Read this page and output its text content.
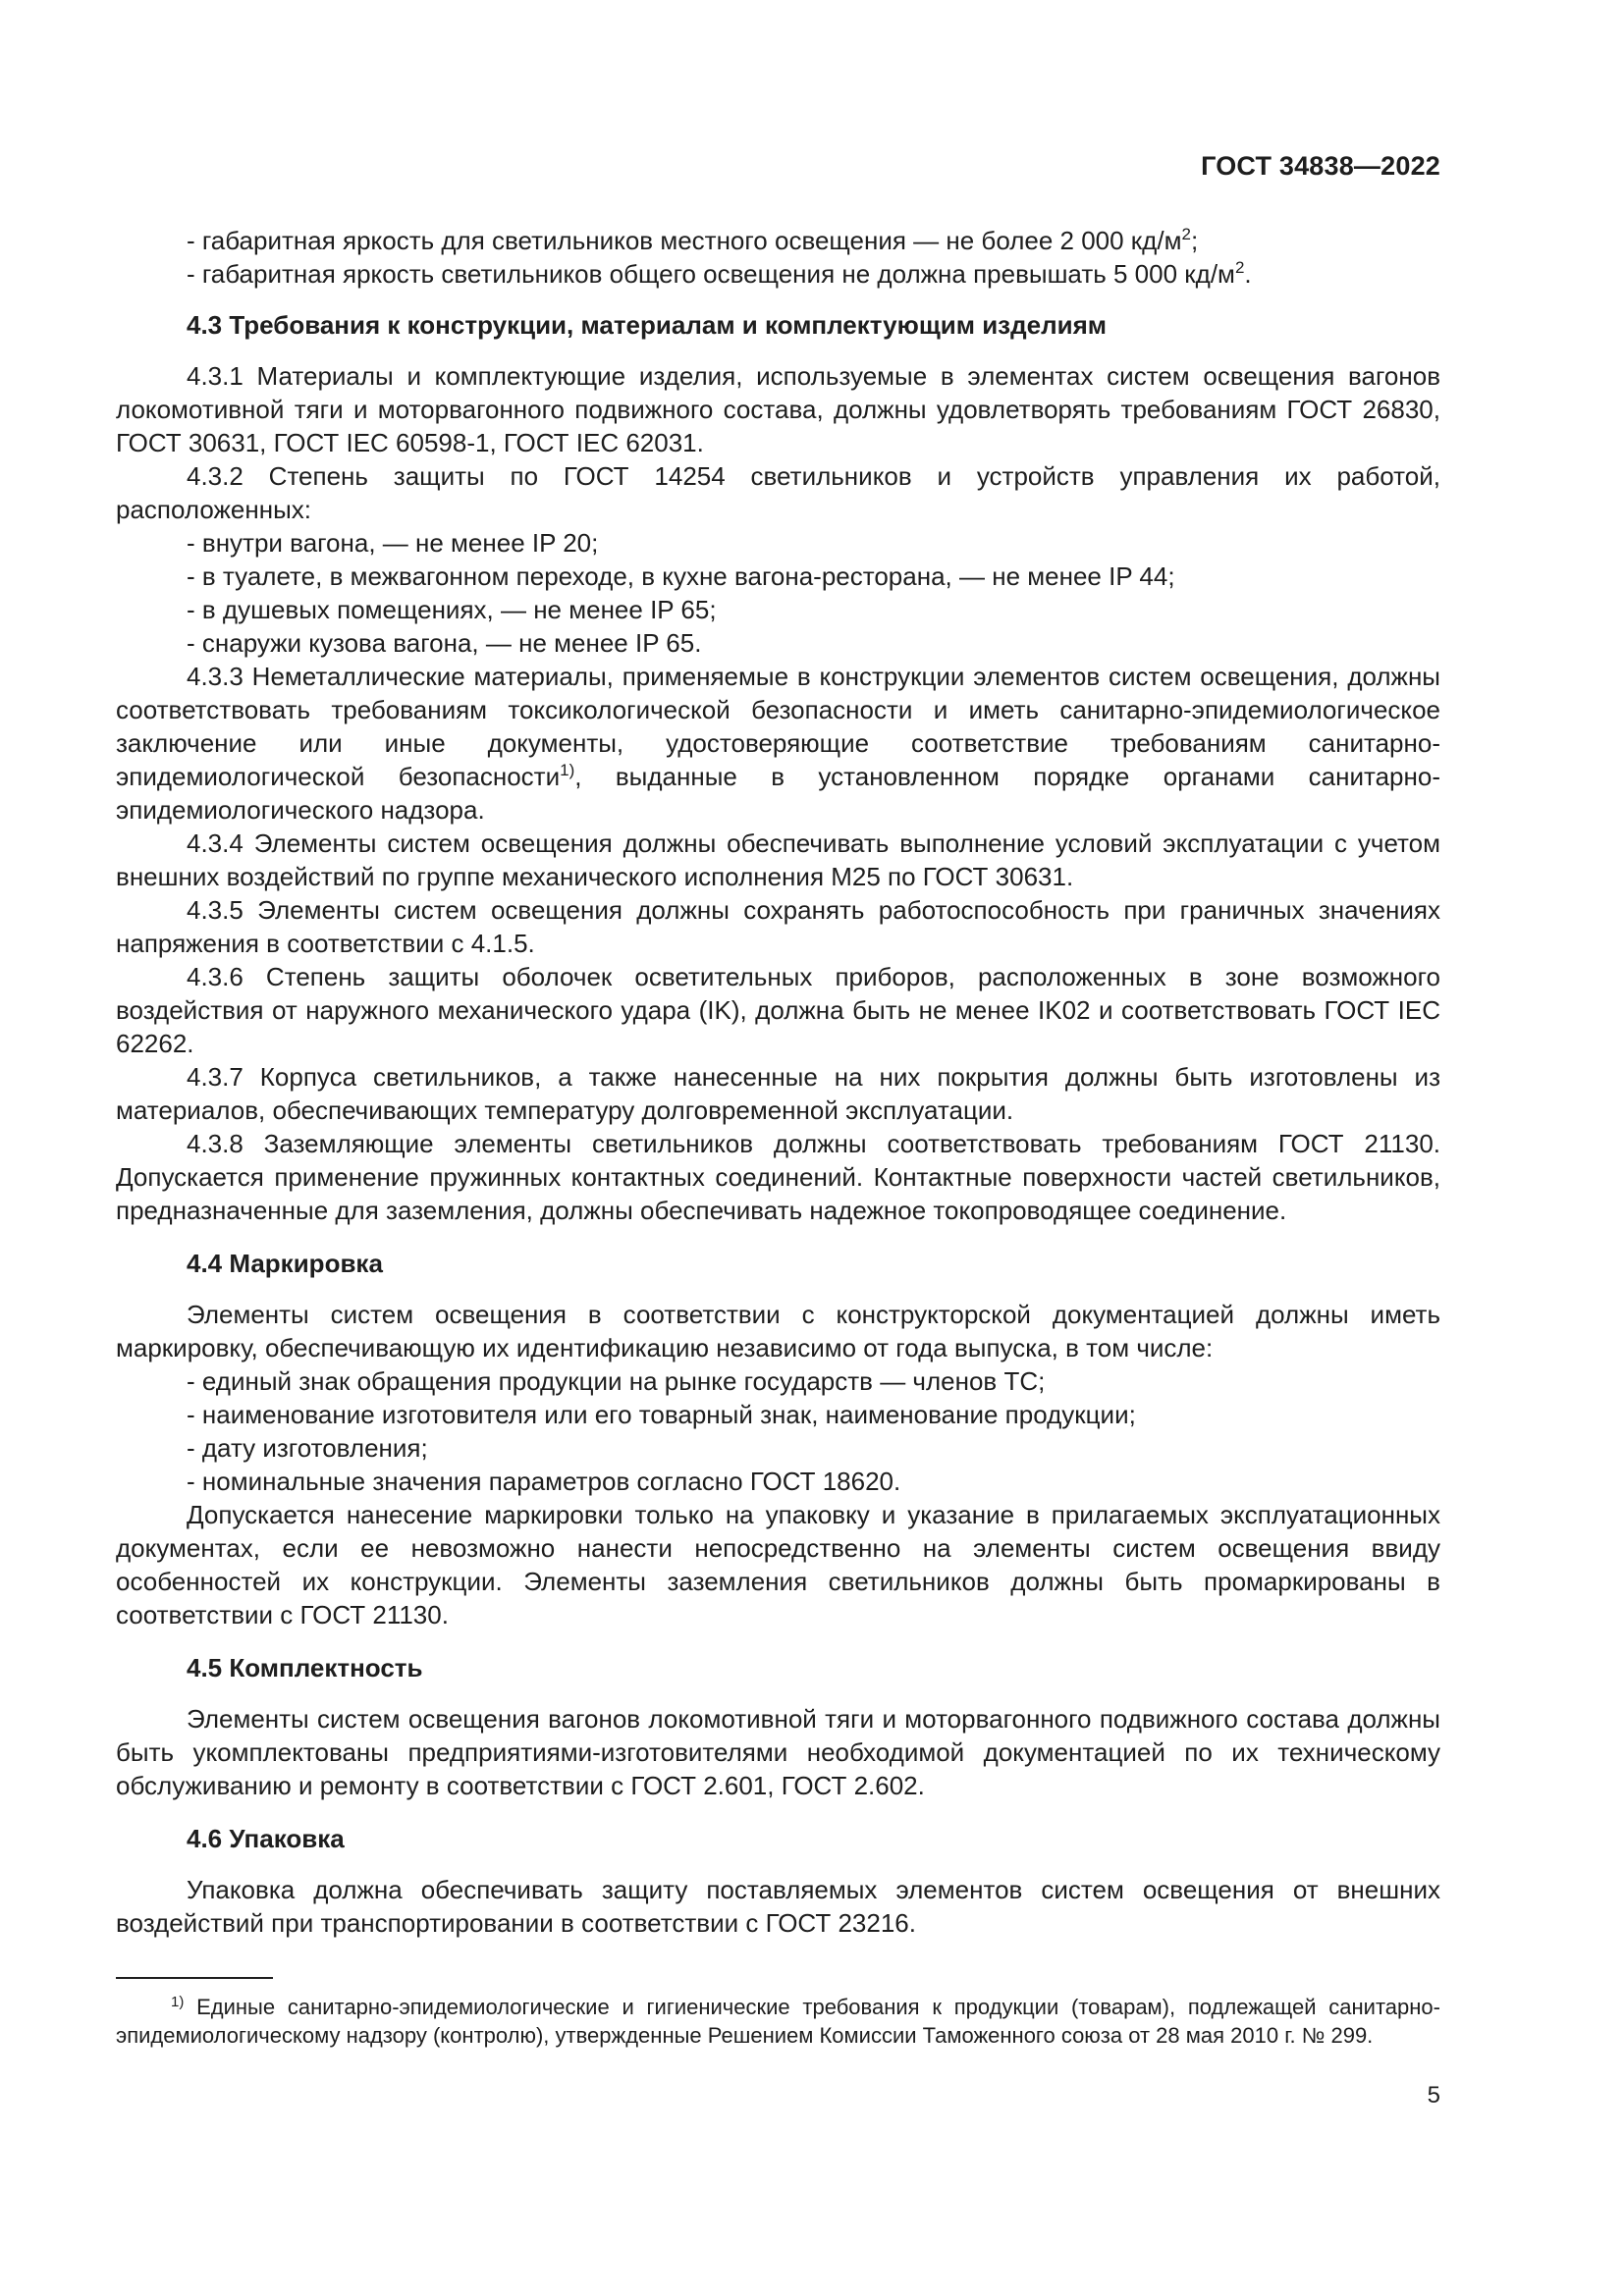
ГОСТ 34838—2022

- габаритная яркость для светильников местного освещения — не более 2 000 $кд/м^2$;

- габаритная яркость светильников общего освещения не должна превышать 5 000 $кд/м^2$.

4.3 Требования к конструкции, материалам и комплектующим изделиям

4.3.1 Материалы и комплектующие изделия, используемые в элементах систем освещения вагонов локомотивной тяги и моторвагонного подвижного состава, должны удовлетворять требованиям ГОСТ 26830, ГОСТ 30631, ГОСТ IEC 60598-1, ГОСТ IEC 62031.

4.3.2 Степень защиты по ГОСТ 14254 светильников и устройств управления их работой, расположенных:

- внутри вагона, — не менее IP 20;

- в туалете, в межвагонном переходе, в кухне вагона-ресторана, — не менее IP 44;

- в душевых помещениях, — не менее IP 65;

- снаружи кузова вагона, — не менее IP 65.

4.3.3 Неметаллические материалы, применяемые в конструкции элементов систем освещения, должны соответствовать требованиям токсикологической безопасности и иметь санитарно-эпидемиологическое заключение или иные документы, удостоверяющие соответствие требованиям санитарно-эпидемиологической безопасности$^{1)}$, выданные в установленном порядке органами санитарно-эпидемиологического надзора.

4.3.4 Элементы систем освещения должны обеспечивать выполнение условий эксплуатации с учетом внешних воздействий по группе механического исполнения М25 по ГОСТ 30631.

4.3.5 Элементы систем освещения должны сохранять работоспособность при граничных значениях напряжения в соответствии с 4.1.5.

4.3.6 Степень защиты оболочек осветительных приборов, расположенных в зоне возможного воздействия от наружного механического удара (IK), должна быть не менее IK02 и соответствовать ГОСТ IEC 62262.

4.3.7 Корпуса светильников, а также нанесенные на них покрытия должны быть изготовлены из материалов, обеспечивающих температуру долговременной эксплуатации.

4.3.8 Заземляющие элементы светильников должны соответствовать требованиям ГОСТ 21130. Допускается применение пружинных контактных соединений. Контактные поверхности частей светильников, предназначенные для заземления, должны обеспечивать надежное токопроводящее соединение.

4.4 Маркировка

Элементы систем освещения в соответствии с конструкторской документацией должны иметь маркировку, обеспечивающую их идентификацию независимо от года выпуска, в том числе:

- единый знак обращения продукции на рынке государств — членов ТС;

- наименование изготовителя или его товарный знак, наименование продукции;

- дату изготовления;

- номинальные значения параметров согласно ГОСТ 18620.

Допускается нанесение маркировки только на упаковку и указание в прилагаемых эксплуатационных документах, если ее невозможно нанести непосредственно на элементы систем освещения ввиду особенностей их конструкции. Элементы заземления светильников должны быть промаркированы в соответствии с ГОСТ 21130.

4.5 Комплектность

Элементы систем освещения вагонов локомотивной тяги и моторвагонного подвижного состава должны быть укомплектованы предприятиями-изготовителями необходимой документацией по их техническому обслуживанию и ремонту в соответствии с ГОСТ 2.601, ГОСТ 2.602.

4.6 Упаковка

Упаковка должна обеспечивать защиту поставляемых элементов систем освещения от внешних воздействий при транспортировании в соответствии с ГОСТ 23216.

$^{1)}$ Единые санитарно-эпидемиологические и гигиенические требования к продукции (товарам), подлежащей санитарно-эпидемиологическому надзору (контролю), утвержденные Решением Комиссии Таможенного союза от 28 мая 2010 г. № 299.

5
